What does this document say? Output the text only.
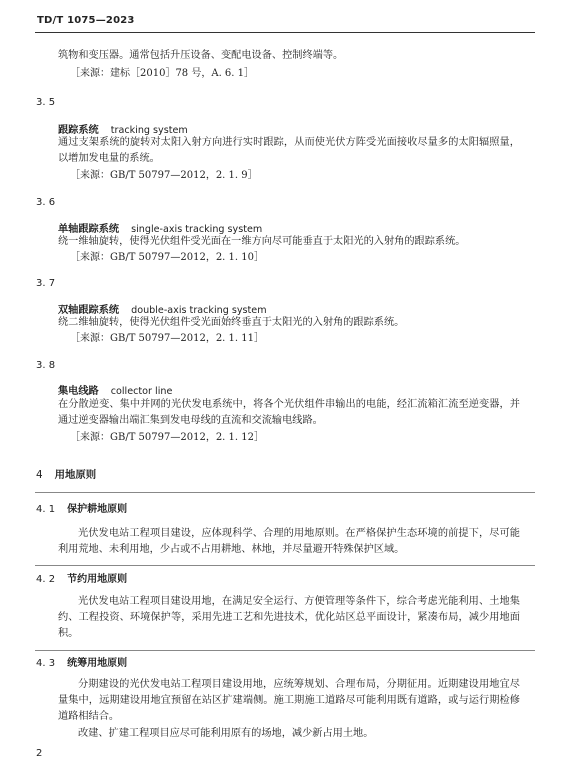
TD/T 1075—2023
筑物和变压器。通常包括升压设备、变配电设备、控制终端等。
［来源：建标［2010］78 号，A. 6. 1］
3. 5
跟踪系统 tracking system
通过支架系统的旋转对太阳入射方向进行实时跟踪，从而使光伏方阵受光面接收尽量多的太阳辐照量，以增加发电量的系统。
［来源：GB/T 50797—2012，2. 1. 9］
3. 6
单轴跟踪系统 single-axis tracking system
绕一维轴旋转，使得光伏组件受光面在一维方向尽可能垂直于太阳光的入射角的跟踪系统。
［来源：GB/T 50797—2012，2. 1. 10］
3. 7
双轴跟踪系统 double-axis tracking system
绕二维轴旋转，使得光伏组件受光面始终垂直于太阳光的入射角的跟踪系统。
［来源：GB/T 50797—2012，2. 1. 11］
3. 8
集电线路 collector line
在分散逆变、集中并网的光伏发电系统中，将各个光伏组件串输出的电能，经汇流箱汇流至逆变器，并通过逆变器输出端汇集到发电母线的直流和交流输电线路。
［来源：GB/T 50797—2012，2. 1. 12］
4 用地原则
4. 1 保护耕地原则
光伏发电站工程项目建设，应体现科学、合理的用地原则。在严格保护生态环境的前提下，尽可能利用荒地、未利用地，少占或不占用耕地、林地，并尽量避开特殊保护区域。
4. 2 节约用地原则
光伏发电站工程项目建设用地，在满足安全运行、方便管理等条件下，综合考虑光能利用、土地集约、工程投资、环境保护等，采用先进工艺和先进技术，优化站区总平面设计，紧凑布局，减少用地面积。
4. 3 统筹用地原则
分期建设的光伏发电站工程项目建设用地，应统筹规划、合理布局，分期征用。近期建设用地宜尽量集中，远期建设用地宜预留在站区扩建端侧。施工期施工道路尽可能利用既有道路，或与运行期检修道路相结合。
改建、扩建工程项目应尽可能利用原有的场地，减少新占用土地。
2
